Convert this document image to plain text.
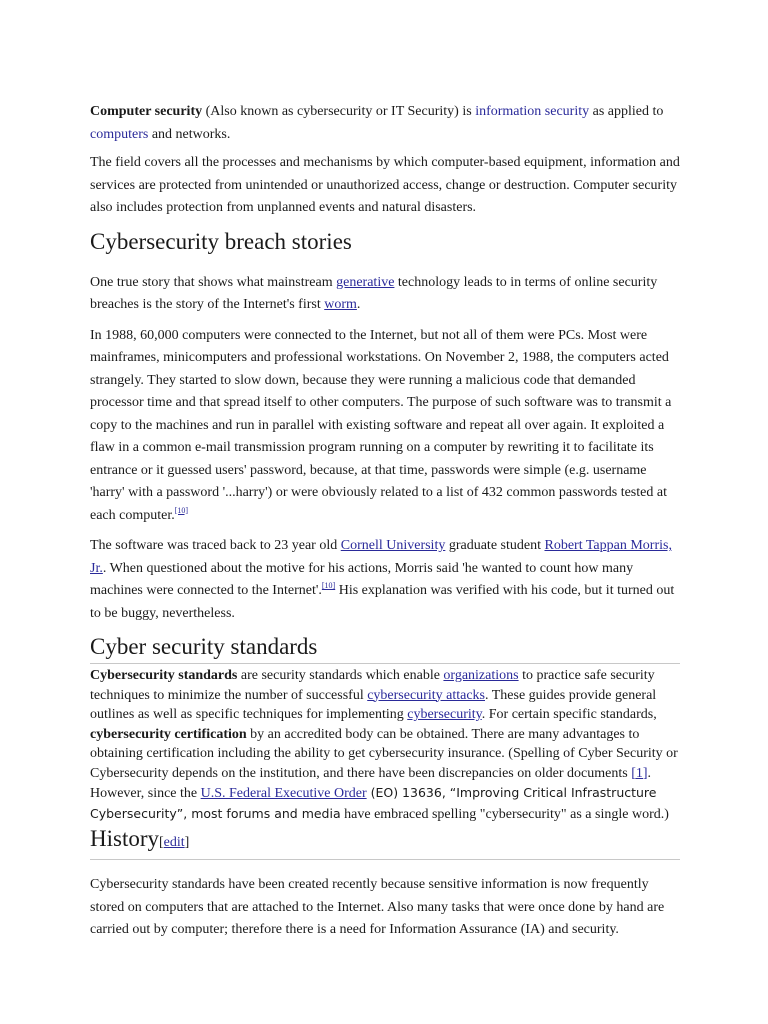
Computer security (Also known as cybersecurity or IT Security) is information security as applied to computers and networks.

The field covers all the processes and mechanisms by which computer-based equipment, information and services are protected from unintended or unauthorized access, change or destruction. Computer security also includes protection from unplanned events and natural disasters.

Cybersecurity breach stories

One true story that shows what mainstream generative technology leads to in terms of online security breaches is the story of the Internet's first worm.

In 1988, 60,000 computers were connected to the Internet, but not all of them were PCs. Most were mainframes, minicomputers and professional workstations. On November 2, 1988, the computers acted strangely. They started to slow down, because they were running a malicious code that demanded processor time and that spread itself to other computers. The purpose of such software was to transmit a copy to the machines and run in parallel with existing software and repeat all over again. It exploited a flaw in a common e-mail transmission program running on a computer by rewriting it to facilitate its entrance or it guessed users' password, because, at that time, passwords were simple (e.g. username 'harry' with a password '...harry') or were obviously related to a list of 432 common passwords tested at each computer.[10]

The software was traced back to 23 year old Cornell University graduate student Robert Tappan Morris, Jr.. When questioned about the motive for his actions, Morris said 'he wanted to count how many machines were connected to the Internet'.[10] His explanation was verified with his code, but it turned out to be buggy, nevertheless.

Cyber security standards

Cybersecurity standards are security standards which enable organizations to practice safe security techniques to minimize the number of successful cybersecurity attacks. These guides provide general outlines as well as specific techniques for implementing cybersecurity. For certain specific standards, cybersecurity certification by an accredited body can be obtained. There are many advantages to obtaining certification including the ability to get cybersecurity insurance. (Spelling of Cyber Security or Cybersecurity depends on the institution, and there have been discrepancies on older documents [1]. However, since the U.S. Federal Executive Order (EO) 13636, “Improving Critical Infrastructure Cybersecurity”, most forums and media have embraced spelling "cybersecurity" as a single word.)

History[edit]

Cybersecurity standards have been created recently because sensitive information is now frequently stored on computers that are attached to the Internet. Also many tasks that were once done by hand are carried out by computer; therefore there is a need for Information Assurance (IA) and security.
